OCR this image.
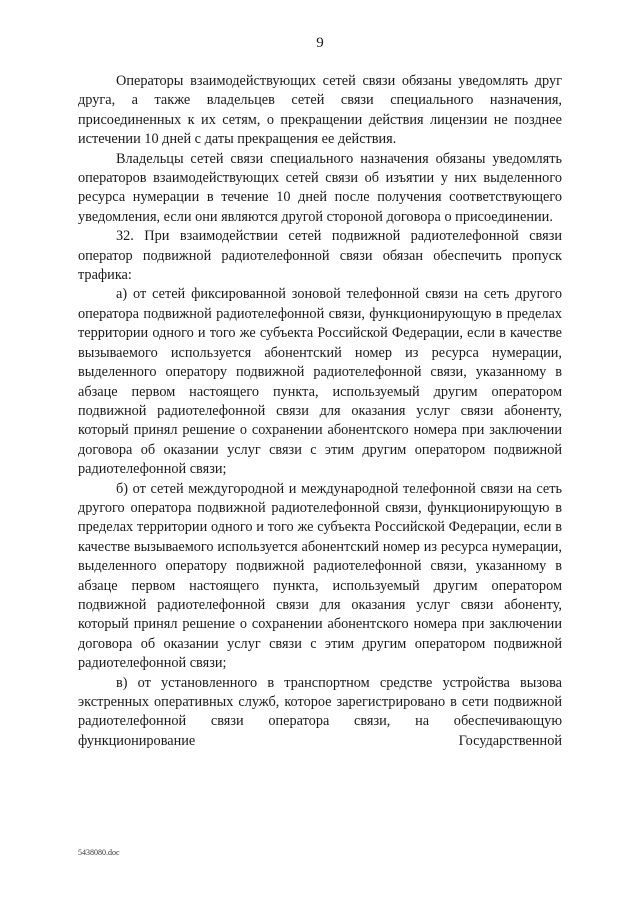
9

Операторы взаимодействующих сетей связи обязаны уведомлять друг друга, а также владельцев сетей связи специального назначения, присоединенных к их сетям, о прекращении действия лицензии не позднее истечении 10 дней с даты прекращения ее действия.

Владельцы сетей связи специального назначения обязаны уведомлять операторов взаимодействующих сетей связи об изъятии у них выделенного ресурса нумерации в течение 10 дней после получения соответствующего уведомления, если они являются другой стороной договора о присоединении.

32. При взаимодействии сетей подвижной радиотелефонной связи оператор подвижной радиотелефонной связи обязан обеспечить пропуск трафика:

а) от сетей фиксированной зоновой телефонной связи на сеть другого оператора подвижной радиотелефонной связи, функционирующую в пределах территории одного и того же субъекта Российской Федерации, если в качестве вызываемого используется абонентский номер из ресурса нумерации, выделенного оператору подвижной радиотелефонной связи, указанному в абзаце первом настоящего пункта, используемый другим оператором подвижной радиотелефонной связи для оказания услуг связи абоненту, который принял решение о сохранении абонентского номера при заключении договора об оказании услуг связи с этим другим оператором подвижной радиотелефонной связи;

б) от сетей междугородной и международной телефонной связи на сеть другого оператора подвижной радиотелефонной связи, функционирующую в пределах территории одного и того же субъекта Российской Федерации, если в качестве вызываемого используется абонентский номер из ресурса нумерации, выделенного оператору подвижной радиотелефонной связи, указанному в абзаце первом настоящего пункта, используемый другим оператором подвижной радиотелефонной связи для оказания услуг связи абоненту, который принял решение о сохранении абонентского номера при заключении договора об оказании услуг связи с этим другим оператором подвижной радиотелефонной связи;

в) от установленного в транспортном средстве устройства вызова экстренных оперативных служб, которое зарегистрировано в сети подвижной радиотелефонной связи оператора связи, на обеспечивающую функционирование Государственной

5438080.doc
